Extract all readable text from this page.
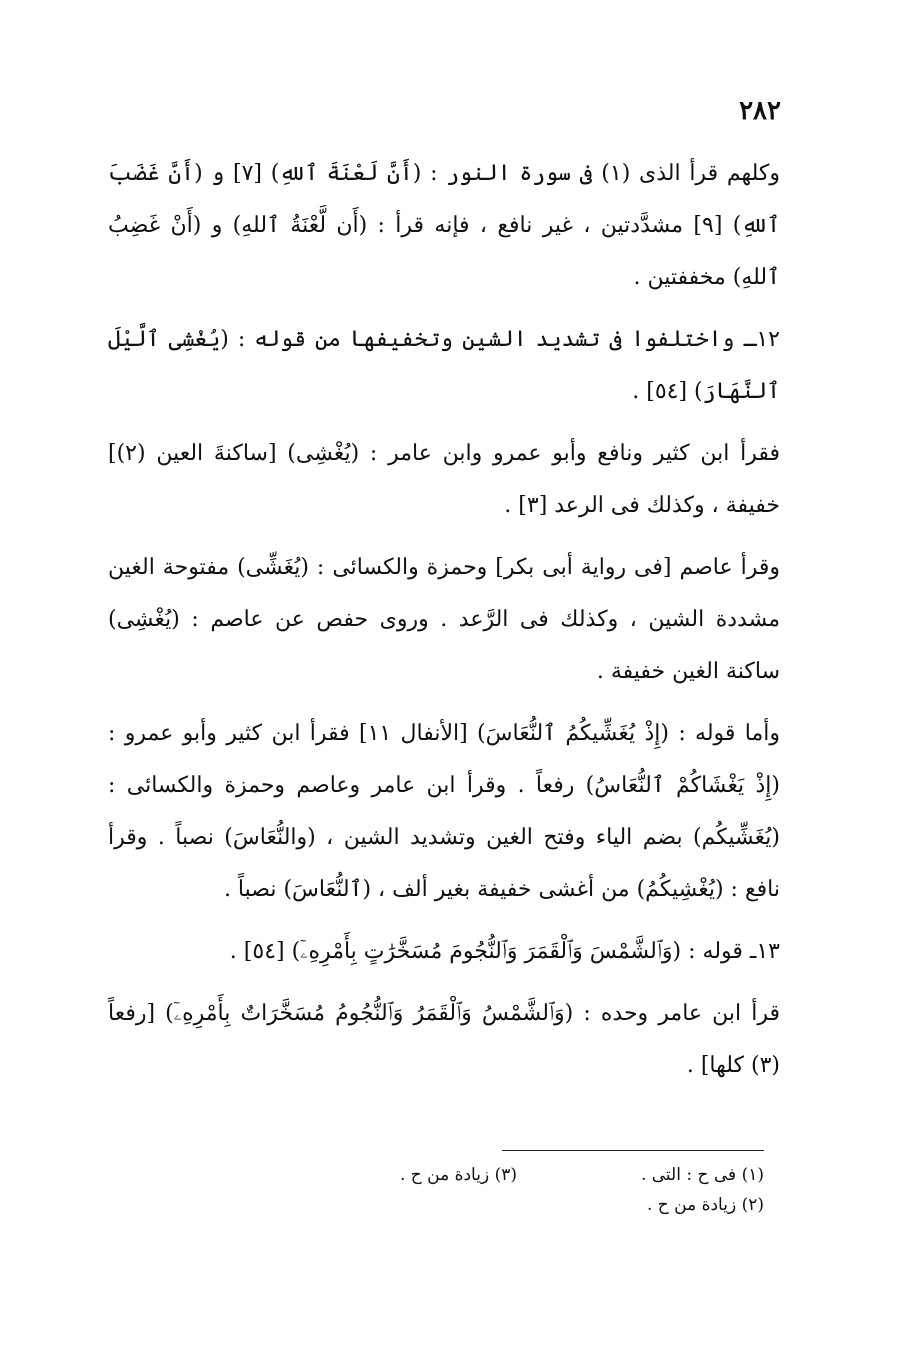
٢٨٢

وكلهم قرأ الذى (١) فى سورة النور : (أَنَّ لَعْنَةَ ٱللهِ) [٧] و (أَنَّ غَضَبَ ٱللهِ) [٩] مشدَّدتين ، غير نافع ، فإنه قرأ : (أَن لَّعْنَةُ ٱللهِ) و (أَنْ غَضِبُ ٱللهِ) مخففتين .

١٢ـ واختلفوا فى تشديد الشين وتخفيفها من قوله : (يُغْشِى ٱلَّيْلَ ٱلنَّهَارَ) [٥٤] .

فقرأ ابن كثير ونافع وأبو عمرو وابن عامر : (يُغْشِى) [ساكنةَ العين (٢)] خفيفة ، وكذلك فى الرعد [٣] .

وقرأ عاصم [فى رواية أبى بكر] وحمزة والكسائى : (يُغَشِّى) مفتوحة الغين مشددة الشين ، وكذلك فى الرَّعد . وروى حفص عن عاصم : (يُغْشِى) ساكنة الغين خفيفة .

وأما قوله : (إِذْ يُغَشِّيكُمُ ٱلنُّعَاسَ) [الأنفال ١١] فقرأ ابن كثير وأبو عمرو : (إِذْ يَغْشَاكُمْ ٱلنُّعَاسُ) رفعاً . وقرأ ابن عامر وعاصم وحمزة والكسائى : (يُغَشِّيكُم) بضم الياء وفتح الغين وتشديد الشين ، (والنُّعَاسَ) نصباً . وقرأ نافع : (يُغْشِيكُمُ) من أغشى خفيفة بغير ألف ، (ٱلنُّعَاسَ) نصباً .

١٣ـ قوله : (وَٱلشَّمْسَ وَٱلْقَمَرَ وَٱلنُّجُومَ مُسَخَّرَٰتٍ بِأَمْرِهِۦٓ) [٥٤] .

قرأ ابن عامر وحده : (وَٱلشَّمْسُ وَٱلْقَمَرُ وَٱلنُّجُومُ مُسَخَّرَاتٌ بِأَمْرِهِۦٓ) [رفعاً (٣) كلها] .

(١) فى ح : التى .
(٣) زيادة من ح .
(٢) زيادة من ح .
